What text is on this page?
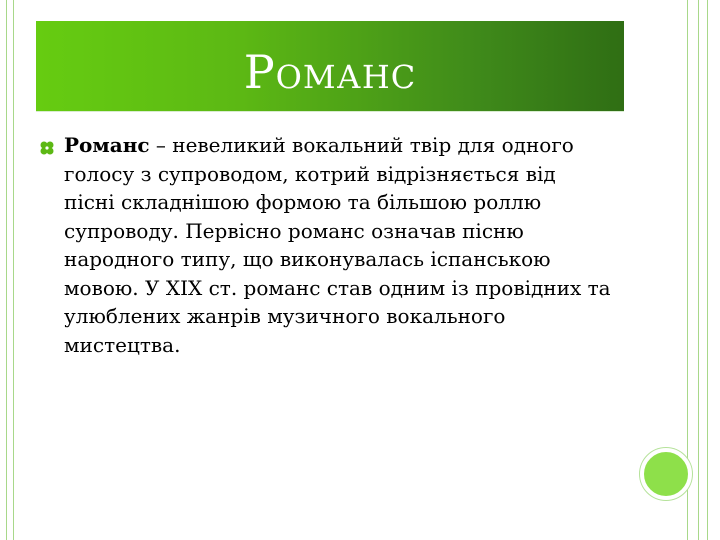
Романс
Романс – невеликий вокальний твір для одного голосу з супроводом, котрий відрізняється від пісні складнішою формою та більшою роллю супроводу. Первісно романс означав пісню народного типу, що виконувалась іспанською мовою. У XIX ст. романс став одним із провідних та улюблених жанрів музичного вокального мистецтва.
